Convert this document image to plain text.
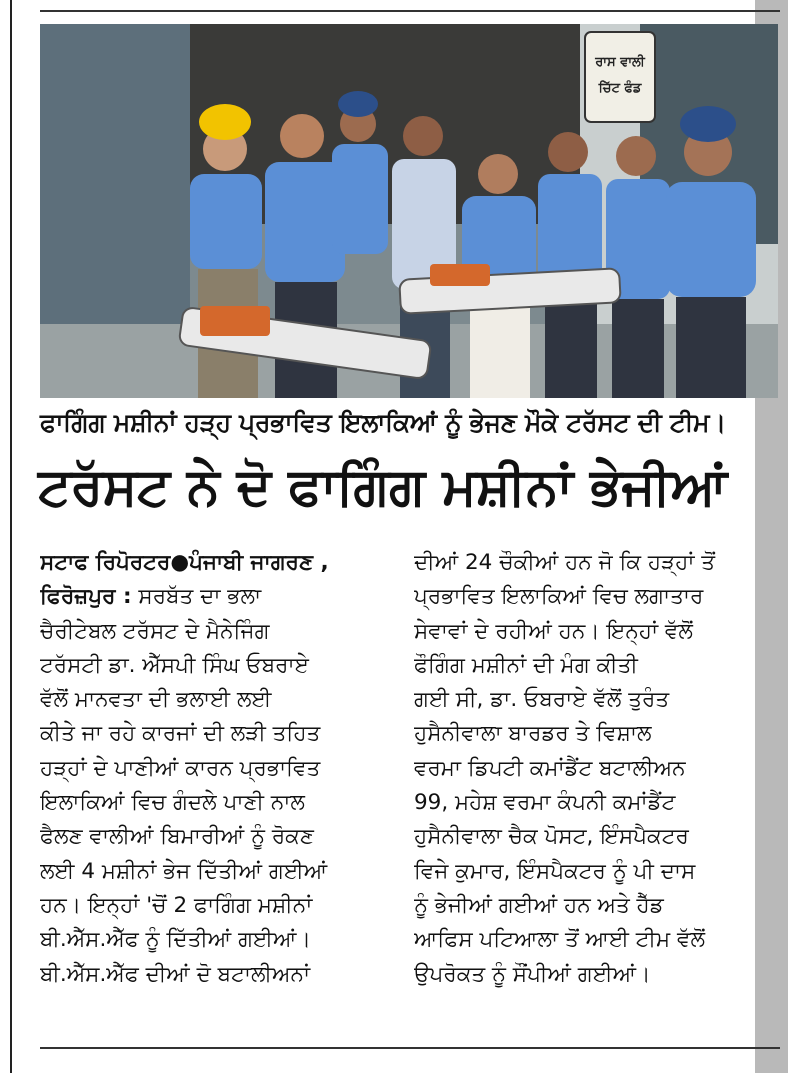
ਰਾਸ ਵਾਲੀ
ਚਿੱਟ ਫੰਡ
ਫਾਗਿੰਗ ਮਸ਼ੀਨਾਂ ਹੜ੍ਹ ਪ੍ਰਭਾਵਿਤ ਇਲਾਕਿਆਂ ਨੂੰ ਭੇਜਣ ਮੌਕੇ ਟਰੱਸਟ ਦੀ ਟੀਮ।
ਟਰੱਸਟ ਨੇ ਦੋ ਫਾਗਿੰਗ ਮਸ਼ੀਨਾਂ ਭੇਜੀਆਂ
ਸਟਾਫ ਰਿਪੋਰਟਰ●ਪੰਜਾਬੀ ਜਾਗਰਣ ,
ਫਿਰੋਜ਼ਪੁਰ : ਸਰਬੱਤ ਦਾ ਭਲਾ
ਚੈਰੀਟੇਬਲ ਟਰੱਸਟ ਦੇ ਮੈਨੇਜਿੰਗ
ਟਰੱਸਟੀ ਡਾ. ਐੱਸਪੀ ਸਿੰਘ ਓਬਰਾਏ
ਵੱਲੋਂ ਮਾਨਵਤਾ ਦੀ ਭਲਾਈ ਲਈ
ਕੀਤੇ ਜਾ ਰਹੇ ਕਾਰਜਾਂ ਦੀ ਲੜੀ ਤਹਿਤ
ਹੜ੍ਹਾਂ ਦੇ ਪਾਣੀਆਂ ਕਾਰਨ ਪ੍ਰਭਾਵਿਤ
ਇਲਾਕਿਆਂ ਵਿਚ ਗੰਦਲੇ ਪਾਣੀ ਨਾਲ
ਫੈਲਣ ਵਾਲੀਆਂ ਬਿਮਾਰੀਆਂ ਨੂੰ ਰੋਕਣ
ਲਈ 4 ਮਸ਼ੀਨਾਂ ਭੇਜ ਦਿੱਤੀਆਂ ਗਈਆਂ
ਹਨ। ਇਨ੍ਹਾਂ 'ਚੋਂ 2 ਫਾਗਿੰਗ ਮਸ਼ੀਨਾਂ
ਬੀ.ਐੱਸ.ਐੱਫ ਨੂੰ ਦਿੱਤੀਆਂ ਗਈਆਂ।
ਬੀ.ਐੱਸ.ਐੱਫ ਦੀਆਂ ਦੋ ਬਟਾਲੀਅਨਾਂ
ਦੀਆਂ 24 ਚੌਕੀਆਂ ਹਨ ਜੋ ਕਿ ਹੜ੍ਹਾਂ ਤੋਂ
ਪ੍ਰਭਾਵਿਤ ਇਲਾਕਿਆਂ ਵਿਚ ਲਗਾਤਾਰ
ਸੇਵਾਵਾਂ ਦੇ ਰਹੀਆਂ ਹਨ। ਇਨ੍ਹਾਂ ਵੱਲੋਂ
ਫੌਗਿੰਗ ਮਸ਼ੀਨਾਂ ਦੀ ਮੰਗ ਕੀਤੀ
ਗਈ ਸੀ, ਡਾ. ਓਬਰਾਏ ਵੱਲੋਂ ਤੁਰੰਤ
ਹੁਸੈਨੀਵਾਲਾ ਬਾਰਡਰ ਤੇ ਵਿਸ਼ਾਲ
ਵਰਮਾ ਡਿਪਟੀ ਕਮਾਂਡੈਂਟ ਬਟਾਲੀਅਨ
99, ਮਹੇਸ਼ ਵਰਮਾ ਕੰਪਨੀ ਕਮਾਂਡੈਂਟ
ਹੁਸੈਨੀਵਾਲਾ ਚੈਕ ਪੋਸਟ, ਇੰਸਪੈਕਟਰ
ਵਿਜੇ ਕੁਮਾਰ, ਇੰਸਪੈਕਟਰ ਨੂੰ ਪੀ ਦਾਸ
ਨੂੰ ਭੇਜੀਆਂ ਗਈਆਂ ਹਨ ਅਤੇ ਹੈੱਡ
ਆਫਿਸ ਪਟਿਆਲਾ ਤੋਂ ਆਈ ਟੀਮ ਵੱਲੋਂ
ਉਪਰੋਕਤ ਨੂੰ ਸੌਂਪੀਆਂ ਗਈਆਂ।
